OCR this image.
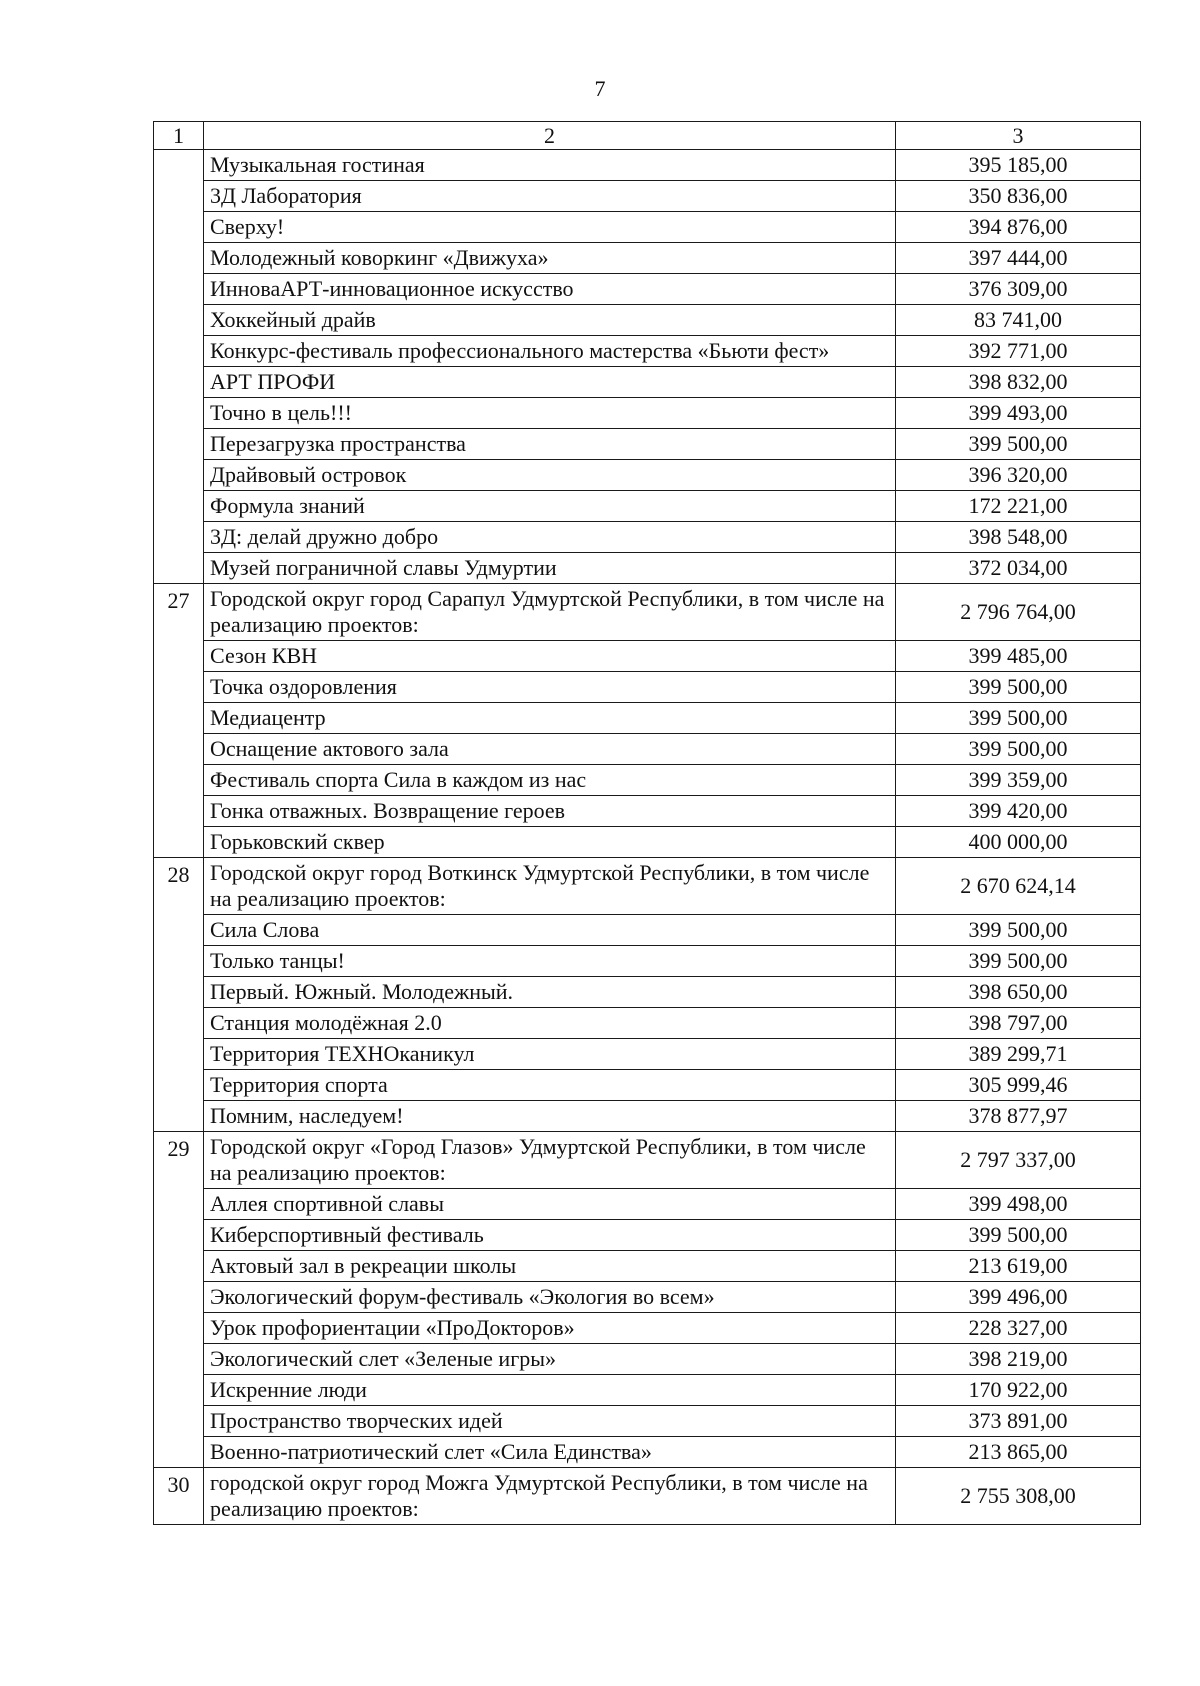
7
1	2	3
	Музыкальная гостиная	395 185,00
	3Д Лаборатория	350 836,00
	Сверху!	394 876,00
	Молодежный коворкинг «Движуха»	397 444,00
	ИнноваАРТ-инновационное искусство	376 309,00
	Хоккейный драйв	83 741,00
	Конкурс-фестиваль профессионального мастерства «Бьюти фест»	392 771,00
	АРТ ПРОФИ	398 832,00
	Точно в цель!!!	399 493,00
	Перезагрузка пространства	399 500,00
	Драйвовый островок	396 320,00
	Формула знаний	172 221,00
	3Д: делай дружно добро	398 548,00
	Музей пограничной славы Удмуртии	372 034,00
27	Городской округ город Сарапул Удмуртской Республики, в том числе на реализацию проектов:	2 796 764,00
	Сезон КВН	399 485,00
	Точка оздоровления	399 500,00
	Медиацентр	399 500,00
	Оснащение актового зала	399 500,00
	Фестиваль спорта Сила в каждом из нас	399 359,00
	Гонка отважных. Возвращение героев	399 420,00
	Горьковский сквер	400 000,00
28	Городской округ город Воткинск Удмуртской Республики, в том числе на реализацию проектов:	2 670 624,14
	Сила Слова	399 500,00
	Только танцы!	399 500,00
	Первый. Южный. Молодежный.	398 650,00
	Станция молодёжная 2.0	398 797,00
	Территория ТЕХНОканикул	389 299,71
	Территория спорта	305 999,46
	Помним, наследуем!	378 877,97
29	Городской округ «Город Глазов» Удмуртской Республики, в том числе на реализацию проектов:	2 797 337,00
	Аллея спортивной славы	399 498,00
	Киберспортивный фестиваль	399 500,00
	Актовый зал в рекреации школы	213 619,00
	Экологический форум-фестиваль «Экология во всем»	399 496,00
	Урок профориентации «ПроДокторов»	228 327,00
	Экологический слет «Зеленые игры»	398 219,00
	Искренние люди	170 922,00
	Пространство творческих идей	373 891,00
	Военно-патриотический слет «Сила Единства»	213 865,00
30	городской округ город Можга Удмуртской Республики, в том числе на реализацию проектов:	2 755 308,00
